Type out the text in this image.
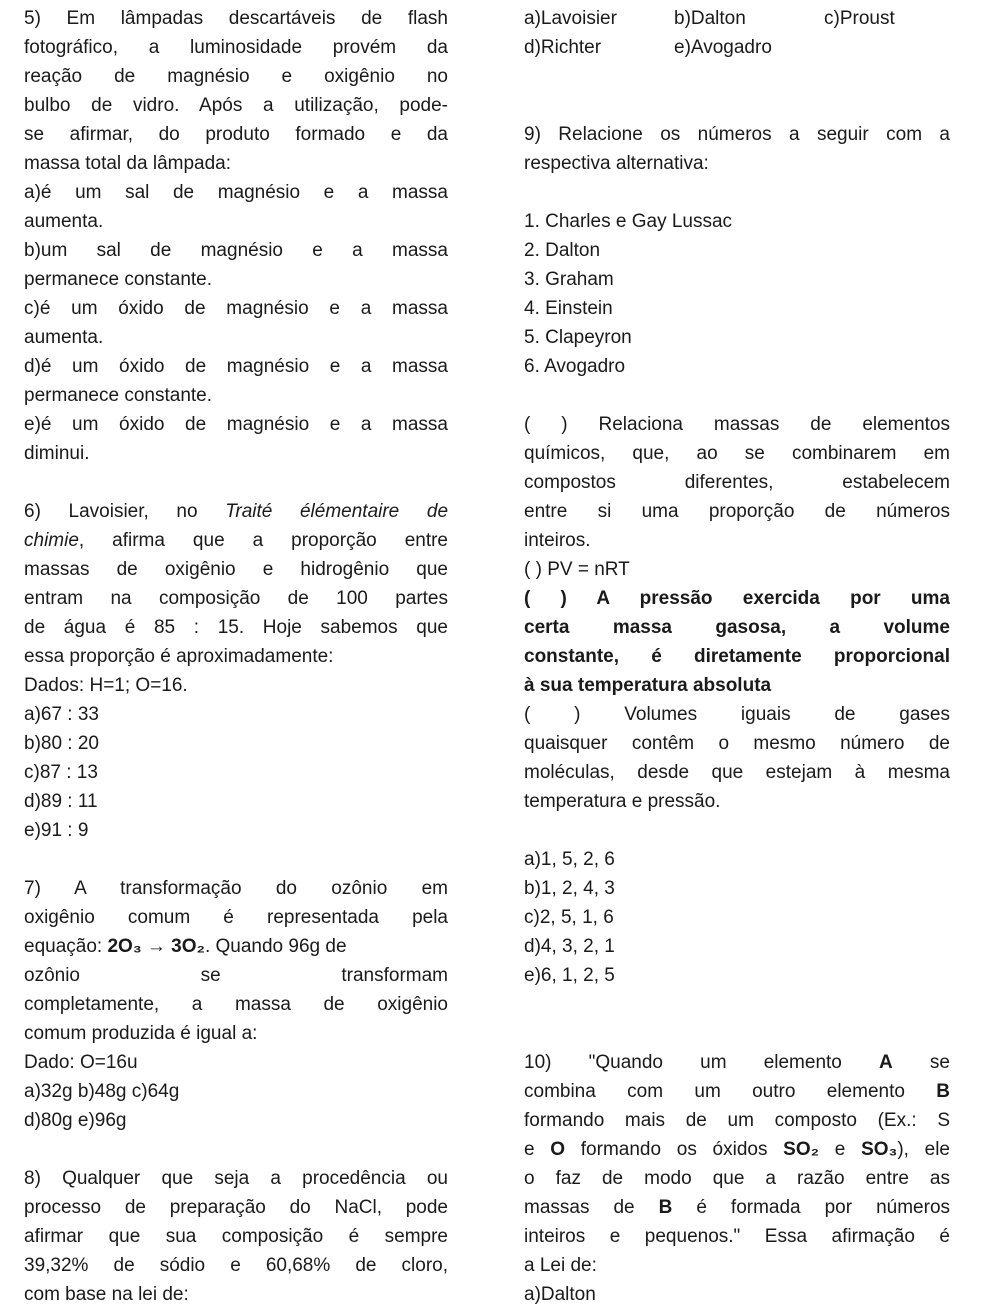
5) Em lâmpadas descartáveis de flash
fotográfico, a luminosidade provém da
reação de magnésio e oxigênio no
bulbo de vidro. Após a utilização, pode-
se afirmar, do produto formado e da
massa total da lâmpada:
a)é um sal de magnésio e a massa
aumenta.
b)um sal de magnésio e a massa
permanece constante.
c)é um óxido de magnésio e a massa
aumenta.
d)é um óxido de magnésio e a massa
permanece constante.
e)é um óxido de magnésio e a massa
diminui.
6) Lavoisier, no Traité élémentaire de
chimie, afirma que a proporção entre
massas de oxigênio e hidrogênio que
entram na composição de 100 partes
de água é 85 : 15. Hoje sabemos que
essa proporção é aproximadamente:
Dados: H=1; O=16.
a)67 : 33
b)80 : 20
c)87 : 13
d)89 : 11
e)91 : 9
7) A transformação do ozônio em
oxigênio comum é representada pela
equação: 2O₃ → 3O₂. Quando 96g de
ozônio se transformam
completamente, a massa de oxigênio
comum produzida é igual a:
Dado: O=16u
a)32g b)48g c)64g
d)80g e)96g
8) Qualquer que seja a procedência ou
processo de preparação do NaCl, pode
afirmar que sua composição é sempre
39,32% de sódio e 60,68% de cloro,
com base na lei de:
a)Lavoisier	b)Dalton	c)Proust
d)Richter	e)Avogadro
9) Relacione os números a seguir com a
respectiva alternativa:
1. Charles e Gay Lussac
2. Dalton
3. Graham
4. Einstein
5. Clapeyron
6. Avogadro
( ) Relaciona massas de elementos
químicos, que, ao se combinarem em
compostos diferentes, estabelecem
entre si uma proporção de números
inteiros.
( ) PV = nRT
( ) A pressão exercida por uma
certa massa gasosa, a volume
constante, é diretamente proporcional
à sua temperatura absoluta
( ) Volumes iguais de gases
quaisquer contêm o mesmo número de
moléculas, desde que estejam à mesma
temperatura e pressão.
a)1, 5, 2, 6
b)1, 2, 4, 3
c)2, 5, 1, 6
d)4, 3, 2, 1
e)6, 1, 2, 5
10) "Quando um elemento A se
combina com um outro elemento B
formando mais de um composto (Ex.: S
e O formando os óxidos SO₂ e SO₃), ele
o faz de modo que a razão entre as
massas de B é formada por números
inteiros e pequenos." Essa afirmação é
a Lei de:
a)Dalton
